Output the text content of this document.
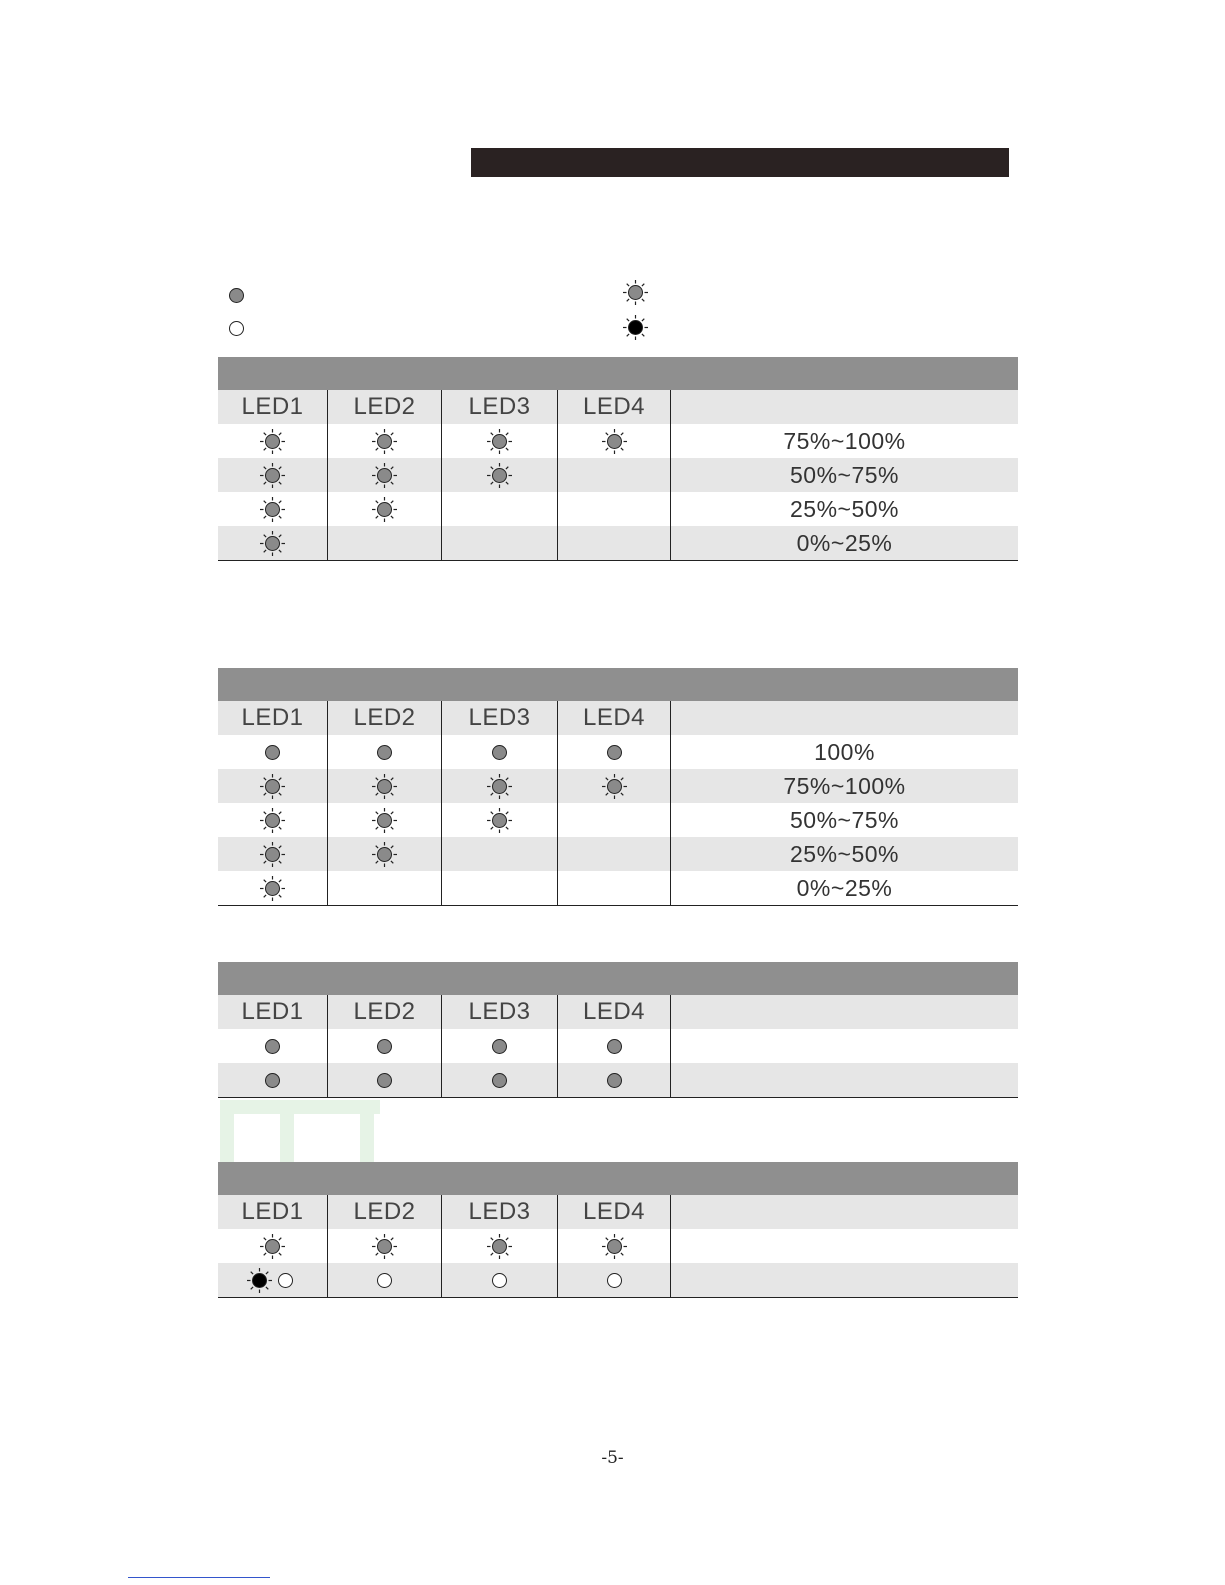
LED1 LED2 LED3 LED4
75%~100%
50%~75%
25%~50%
0%~25%
LED1 LED2 LED3 LED4
100%
75%~100%
50%~75%
25%~50%
0%~25%
LED1 LED2 LED3 LED4
LED1 LED2 LED3 LED4
-5-
